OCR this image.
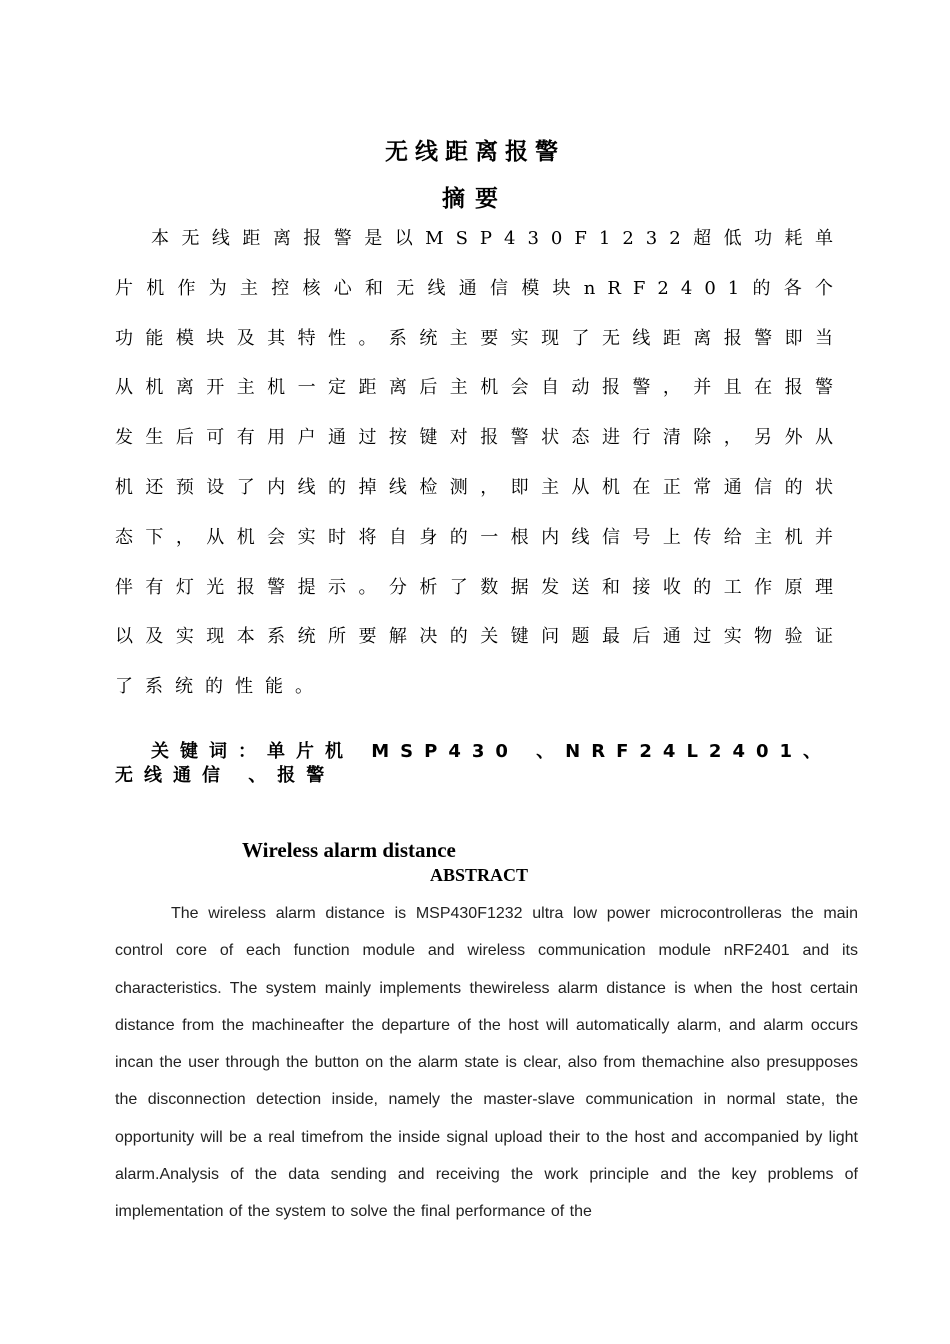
无线距离报警
摘要

本无线距离报警是以MSP430F1232超低功耗单片机作为主控核心和无线通信模块nRF2401的各个功能模块及其特性。系统主要实现了无线距离报警即当从机离开主机一定距离后主机会自动报警，并且在报警发生后可有用户通过按键对报警状态进行清除，另外从机还预设了内线的掉线检测，即主从机在正常通信的状态下，从机会实时将自身的一根内线信号上传给主机并伴有灯光报警提示。分析了数据发送和接收的工作原理以及实现本系统所要解决的关键问题最后通过实物验证了系统的性能。

关键词：单片机 MSP430 、NRF24L2401、无线通信 、报警

Wireless alarm distance
ABSTRACT

The wireless alarm distance is MSP430F1232 ultra low power microcontrolleras the main control core of each function module and wireless communication module nRF2401 and its characteristics. The system mainly implements thewireless alarm distance is when the host certain distance from the machineafter the departure of the host will automatically alarm, and alarm occurs incan the user through the button on the alarm state is clear, also from themachine also presupposes the disconnection detection inside, namely the master-slave communication in normal state, the opportunity will be a real timefrom the inside signal upload their to the host and accompanied by light alarm.Analysis of the data sending and receiving the work principle and the key problems of implementation of the system to solve the final performance of the
